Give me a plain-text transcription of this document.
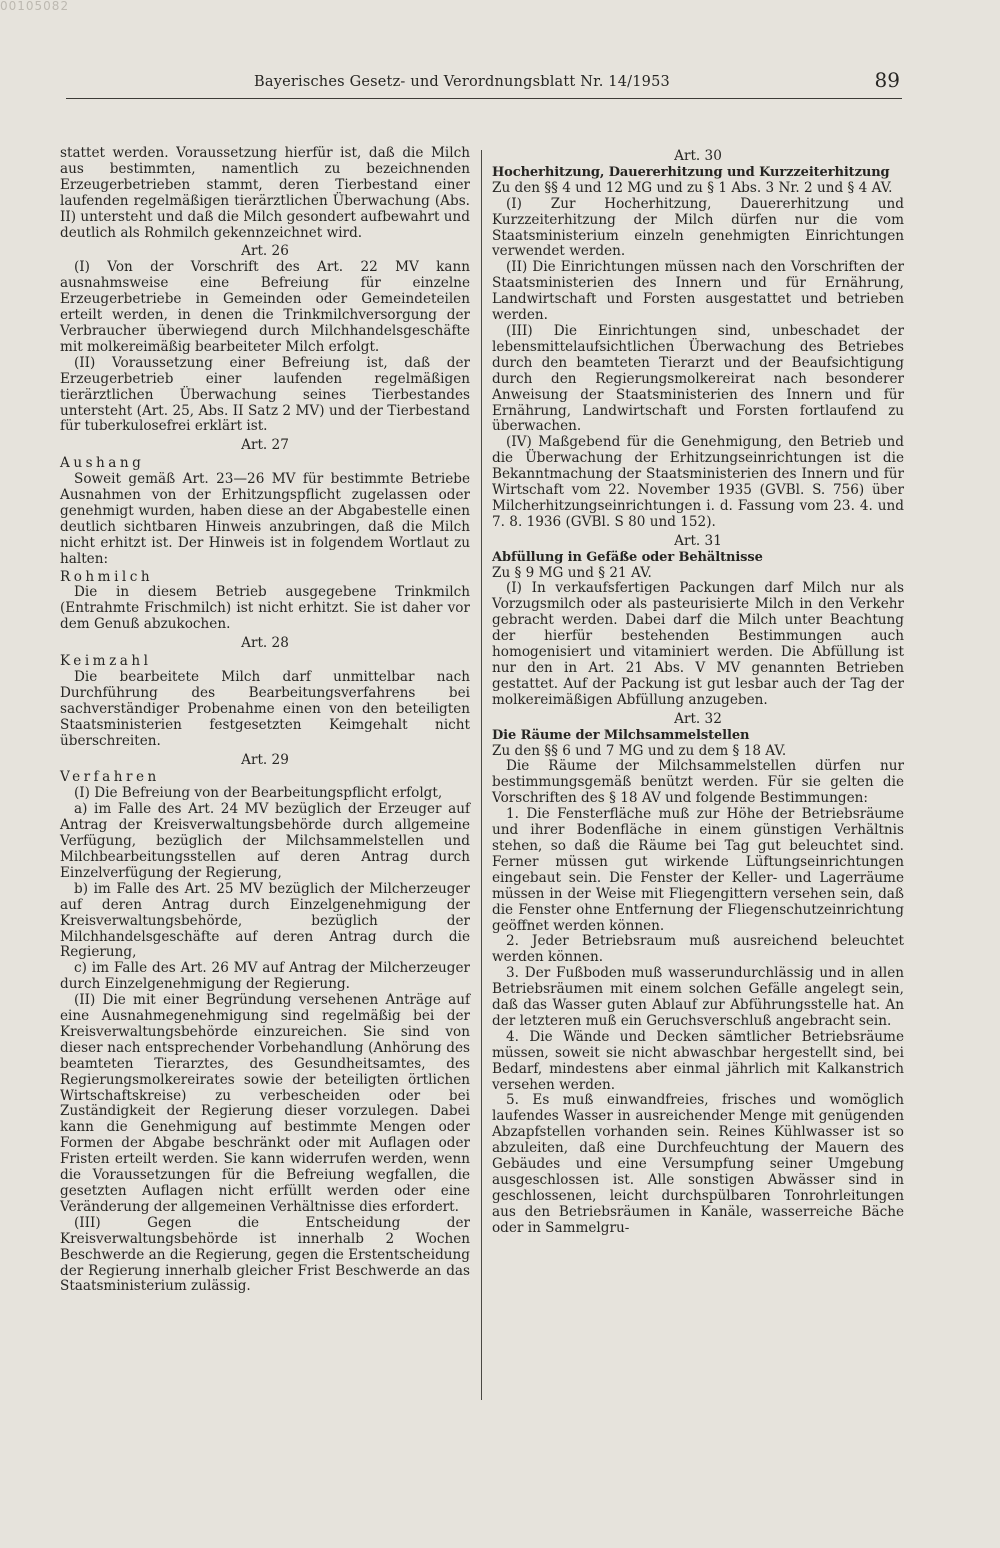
00105082
Bayerisches Gesetz- und Verordnungsblatt Nr. 14/1953	89

stattet werden. Voraussetzung hierfür ist, daß die Milch aus bestimmten, namentlich zu bezeichnenden Erzeugerbetrieben stammt, deren Tierbestand einer laufenden regelmäßigen tierärztlichen Überwachung (Abs. II) untersteht und daß die Milch gesondert aufbewahrt und deutlich als Rohmilch gekennzeichnet wird.

Art. 26

(I) Von der Vorschrift des Art. 22 MV kann ausnahmsweise eine Befreiung für einzelne Erzeugerbetriebe in Gemeinden oder Gemeindeteilen erteilt werden, in denen die Trinkmilchversorgung der Verbraucher überwiegend durch Milchhandelsgeschäfte mit molkereimäßig bearbeiteter Milch erfolgt.

(II) Voraussetzung einer Befreiung ist, daß der Erzeugerbetrieb einer laufenden regelmäßigen tierärztlichen Überwachung seines Tierbestandes untersteht (Art. 25, Abs. II Satz 2 MV) und der Tierbestand für tuberkulosefrei erklärt ist.

Art. 27

Aushang

Soweit gemäß Art. 23—26 MV für bestimmte Betriebe Ausnahmen von der Erhitzungspflicht zugelassen oder genehmigt wurden, haben diese an der Abgabestelle einen deutlich sichtbaren Hinweis anzubringen, daß die Milch nicht erhitzt ist. Der Hinweis ist in folgendem Wortlaut zu halten:

Rohmilch

Die in diesem Betrieb ausgegebene Trinkmilch (Entrahmte Frischmilch) ist nicht erhitzt. Sie ist daher vor dem Genuß abzukochen.

Art. 28

Keimzahl

Die bearbeitete Milch darf unmittelbar nach Durchführung des Bearbeitungsverfahrens bei sachverständiger Probenahme einen von den beteiligten Staatsministerien festgesetzten Keimgehalt nicht überschreiten.

Art. 29

Verfahren

(I) Die Befreiung von der Bearbeitungspflicht erfolgt,

a) im Falle des Art. 24 MV bezüglich der Erzeuger auf Antrag der Kreisverwaltungsbehörde durch allgemeine Verfügung, bezüglich der Milchsammelstellen und Milchbearbeitungsstellen auf deren Antrag durch Einzelverfügung der Regierung,

b) im Falle des Art. 25 MV bezüglich der Milcherzeuger auf deren Antrag durch Einzelgenehmigung der Kreisverwaltungsbehörde, bezüglich der Milchhandelsgeschäfte auf deren Antrag durch die Regierung,

c) im Falle des Art. 26 MV auf Antrag der Milcherzeuger durch Einzelgenehmigung der Regierung.

(II) Die mit einer Begründung versehenen Anträge auf eine Ausnahmegenehmigung sind regelmäßig bei der Kreisverwaltungsbehörde einzureichen. Sie sind von dieser nach entsprechender Vorbehandlung (Anhörung des beamteten Tierarztes, des Gesundheitsamtes, des Regierungsmolkereirates sowie der beteiligten örtlichen Wirtschaftskreise) zu verbescheiden oder bei Zuständigkeit der Regierung dieser vorzulegen. Dabei kann die Genehmigung auf bestimmte Mengen oder Formen der Abgabe beschränkt oder mit Auflagen oder Fristen erteilt werden. Sie kann widerrufen werden, wenn die Voraussetzungen für die Befreiung wegfallen, die gesetzten Auflagen nicht erfüllt werden oder eine Veränderung der allgemeinen Verhältnisse dies erfordert.

(III) Gegen die Entscheidung der Kreisverwaltungsbehörde ist innerhalb 2 Wochen Beschwerde an die Regierung, gegen die Erstentscheidung der Regierung innerhalb gleicher Frist Beschwerde an das Staatsministerium zulässig.

Art. 30

Hocherhitzung, Dauererhitzung und Kurzzeiterhitzung

Zu den §§ 4 und 12 MG und zu § 1 Abs. 3 Nr. 2 und § 4 AV.

(I) Zur Hocherhitzung, Dauererhitzung und Kurzzeiterhitzung der Milch dürfen nur die vom Staatsministerium einzeln genehmigten Einrichtungen verwendet werden.

(II) Die Einrichtungen müssen nach den Vorschriften der Staatsministerien des Innern und für Ernährung, Landwirtschaft und Forsten ausgestattet und betrieben werden.

(III) Die Einrichtungen sind, unbeschadet der lebensmittelaufsichtlichen Überwachung des Betriebes durch den beamteten Tierarzt und der Beaufsichtigung durch den Regierungsmolkereirat nach besonderer Anweisung der Staatsministerien des Innern und für Ernährung, Landwirtschaft und Forsten fortlaufend zu überwachen.

(IV) Maßgebend für die Genehmigung, den Betrieb und die Überwachung der Erhitzungseinrichtungen ist die Bekanntmachung der Staatsministerien des Innern und für Wirtschaft vom 22. November 1935 (GVBl. S. 756) über Milcherhitzungseinrichtungen i. d. Fassung vom 23. 4. und 7. 8. 1936 (GVBl. S 80 und 152).

Art. 31

Abfüllung in Gefäße oder Behältnisse

Zu § 9 MG und § 21 AV.

(I) In verkaufsfertigen Packungen darf Milch nur als Vorzugsmilch oder als pasteurisierte Milch in den Verkehr gebracht werden. Dabei darf die Milch unter Beachtung der hierfür bestehenden Bestimmungen auch homogenisiert und vitaminiert werden. Die Abfüllung ist nur den in Art. 21 Abs. V MV genannten Betrieben gestattet. Auf der Packung ist gut lesbar auch der Tag der molkereimäßigen Abfüllung anzugeben.

Art. 32

Die Räume der Milchsammelstellen

Zu den §§ 6 und 7 MG und zu dem § 18 AV.

Die Räume der Milchsammelstellen dürfen nur bestimmungsgemäß benützt werden. Für sie gelten die Vorschriften des § 18 AV und folgende Bestimmungen:

1. Die Fensterfläche muß zur Höhe der Betriebsräume und ihrer Bodenfläche in einem günstigen Verhältnis stehen, so daß die Räume bei Tag gut beleuchtet sind. Ferner müssen gut wirkende Lüftungseinrichtungen eingebaut sein. Die Fenster der Keller- und Lagerräume müssen in der Weise mit Fliegengittern versehen sein, daß die Fenster ohne Entfernung der Fliegenschutzeinrichtung geöffnet werden können.

2. Jeder Betriebsraum muß ausreichend beleuchtet werden können.

3. Der Fußboden muß wasserundurchlässig und in allen Betriebsräumen mit einem solchen Gefälle angelegt sein, daß das Wasser guten Ablauf zur Abführungsstelle hat. An der letzteren muß ein Geruchsverschluß angebracht sein.

4. Die Wände und Decken sämtlicher Betriebsräume müssen, soweit sie nicht abwaschbar hergestellt sind, bei Bedarf, mindestens aber einmal jährlich mit Kalkanstrich versehen werden.

5. Es muß einwandfreies, frisches und womöglich laufendes Wasser in ausreichender Menge mit genügenden Abzapfstellen vorhanden sein. Reines Kühlwasser ist so abzuleiten, daß eine Durchfeuchtung der Mauern des Gebäudes und eine Versumpfung seiner Umgebung ausgeschlossen ist. Alle sonstigen Abwässer sind in geschlossenen, leicht durchspülbaren Tonrohrleitungen aus den Betriebsräumen in Kanäle, wasserreiche Bäche oder in Sammelgru-
